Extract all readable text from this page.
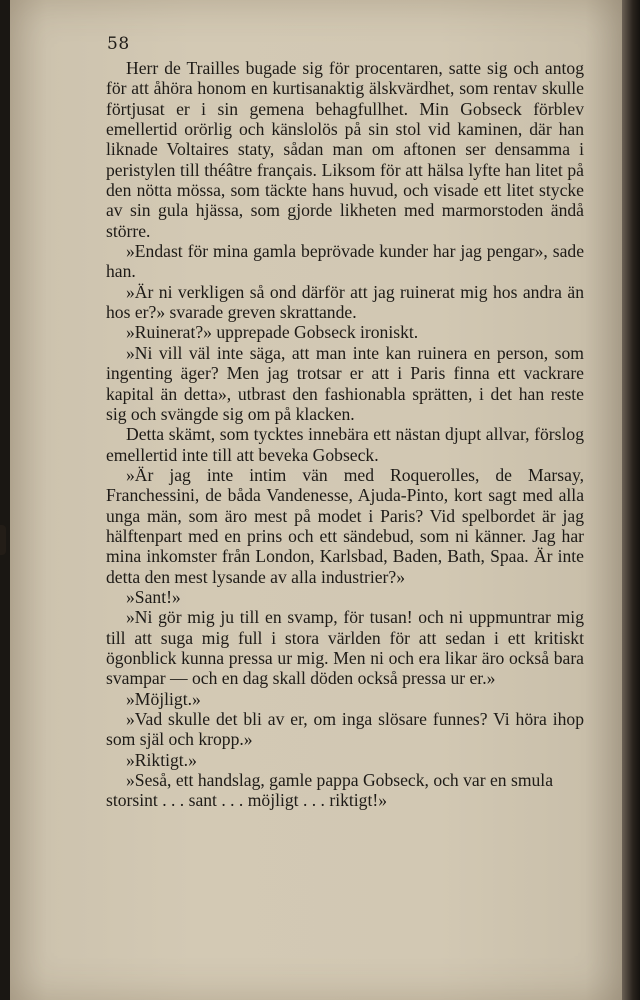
58

Herr de Trailles bugade sig för procentaren, satte sig och antog för att åhöra honom en kurtisanaktig älskvärdhet, som rentav skulle förtjusat er i sin gemena behagfullhet. Min Gobseck förblev emellertid orörlig och känslolös på sin stol vid kaminen, där han liknade Voltaires staty, sådan man om aftonen ser densamma i peristylen till théâtre français. Liksom för att hälsa lyfte han litet på den nötta mössa, som täckte hans huvud, och visade ett litet stycke av sin gula hjässa, som gjorde likheten med marmorstoden ändå större.

»Endast för mina gamla beprövade kunder har jag pengar», sade han.

»Är ni verkligen så ond därför att jag ruinerat mig hos andra än hos er?» svarade greven skrattande.

»Ruinerat?» upprepade Gobseck ironiskt.

»Ni vill väl inte säga, att man inte kan ruinera en person, som ingenting äger? Men jag trotsar er att i Paris finna ett vackrare kapital än detta», utbrast den fashionabla sprätten, i det han reste sig och svängde sig om på klacken.

Detta skämt, som tycktes innebära ett nästan djupt allvar, förslog emellertid inte till att beveka Gobseck.

»Är jag inte intim vän med Roquerolles, de Marsay, Franchessini, de båda Vandenesse, Ajuda-Pinto, kort sagt med alla unga män, som äro mest på modet i Paris? Vid spelbordet är jag hälftenpart med en prins och ett sändebud, som ni känner. Jag har mina inkomster från London, Karlsbad, Baden, Bath, Spaa. Är inte detta den mest lysande av alla industrier?»

»Sant!»

»Ni gör mig ju till en svamp, för tusan! och ni uppmuntrar mig till att suga mig full i stora världen för att sedan i ett kritiskt ögonblick kunna pressa ur mig. Men ni och era likar äro också bara svampar — och en dag skall döden också pressa ur er.»

»Möjligt.»

»Vad skulle det bli av er, om inga slösare funnes? Vi höra ihop som själ och kropp.»

»Riktigt.»

»Seså, ett handslag, gamle pappa Gobseck, och var en smula storsint . . . sant . . . möjligt . . . riktigt!»
